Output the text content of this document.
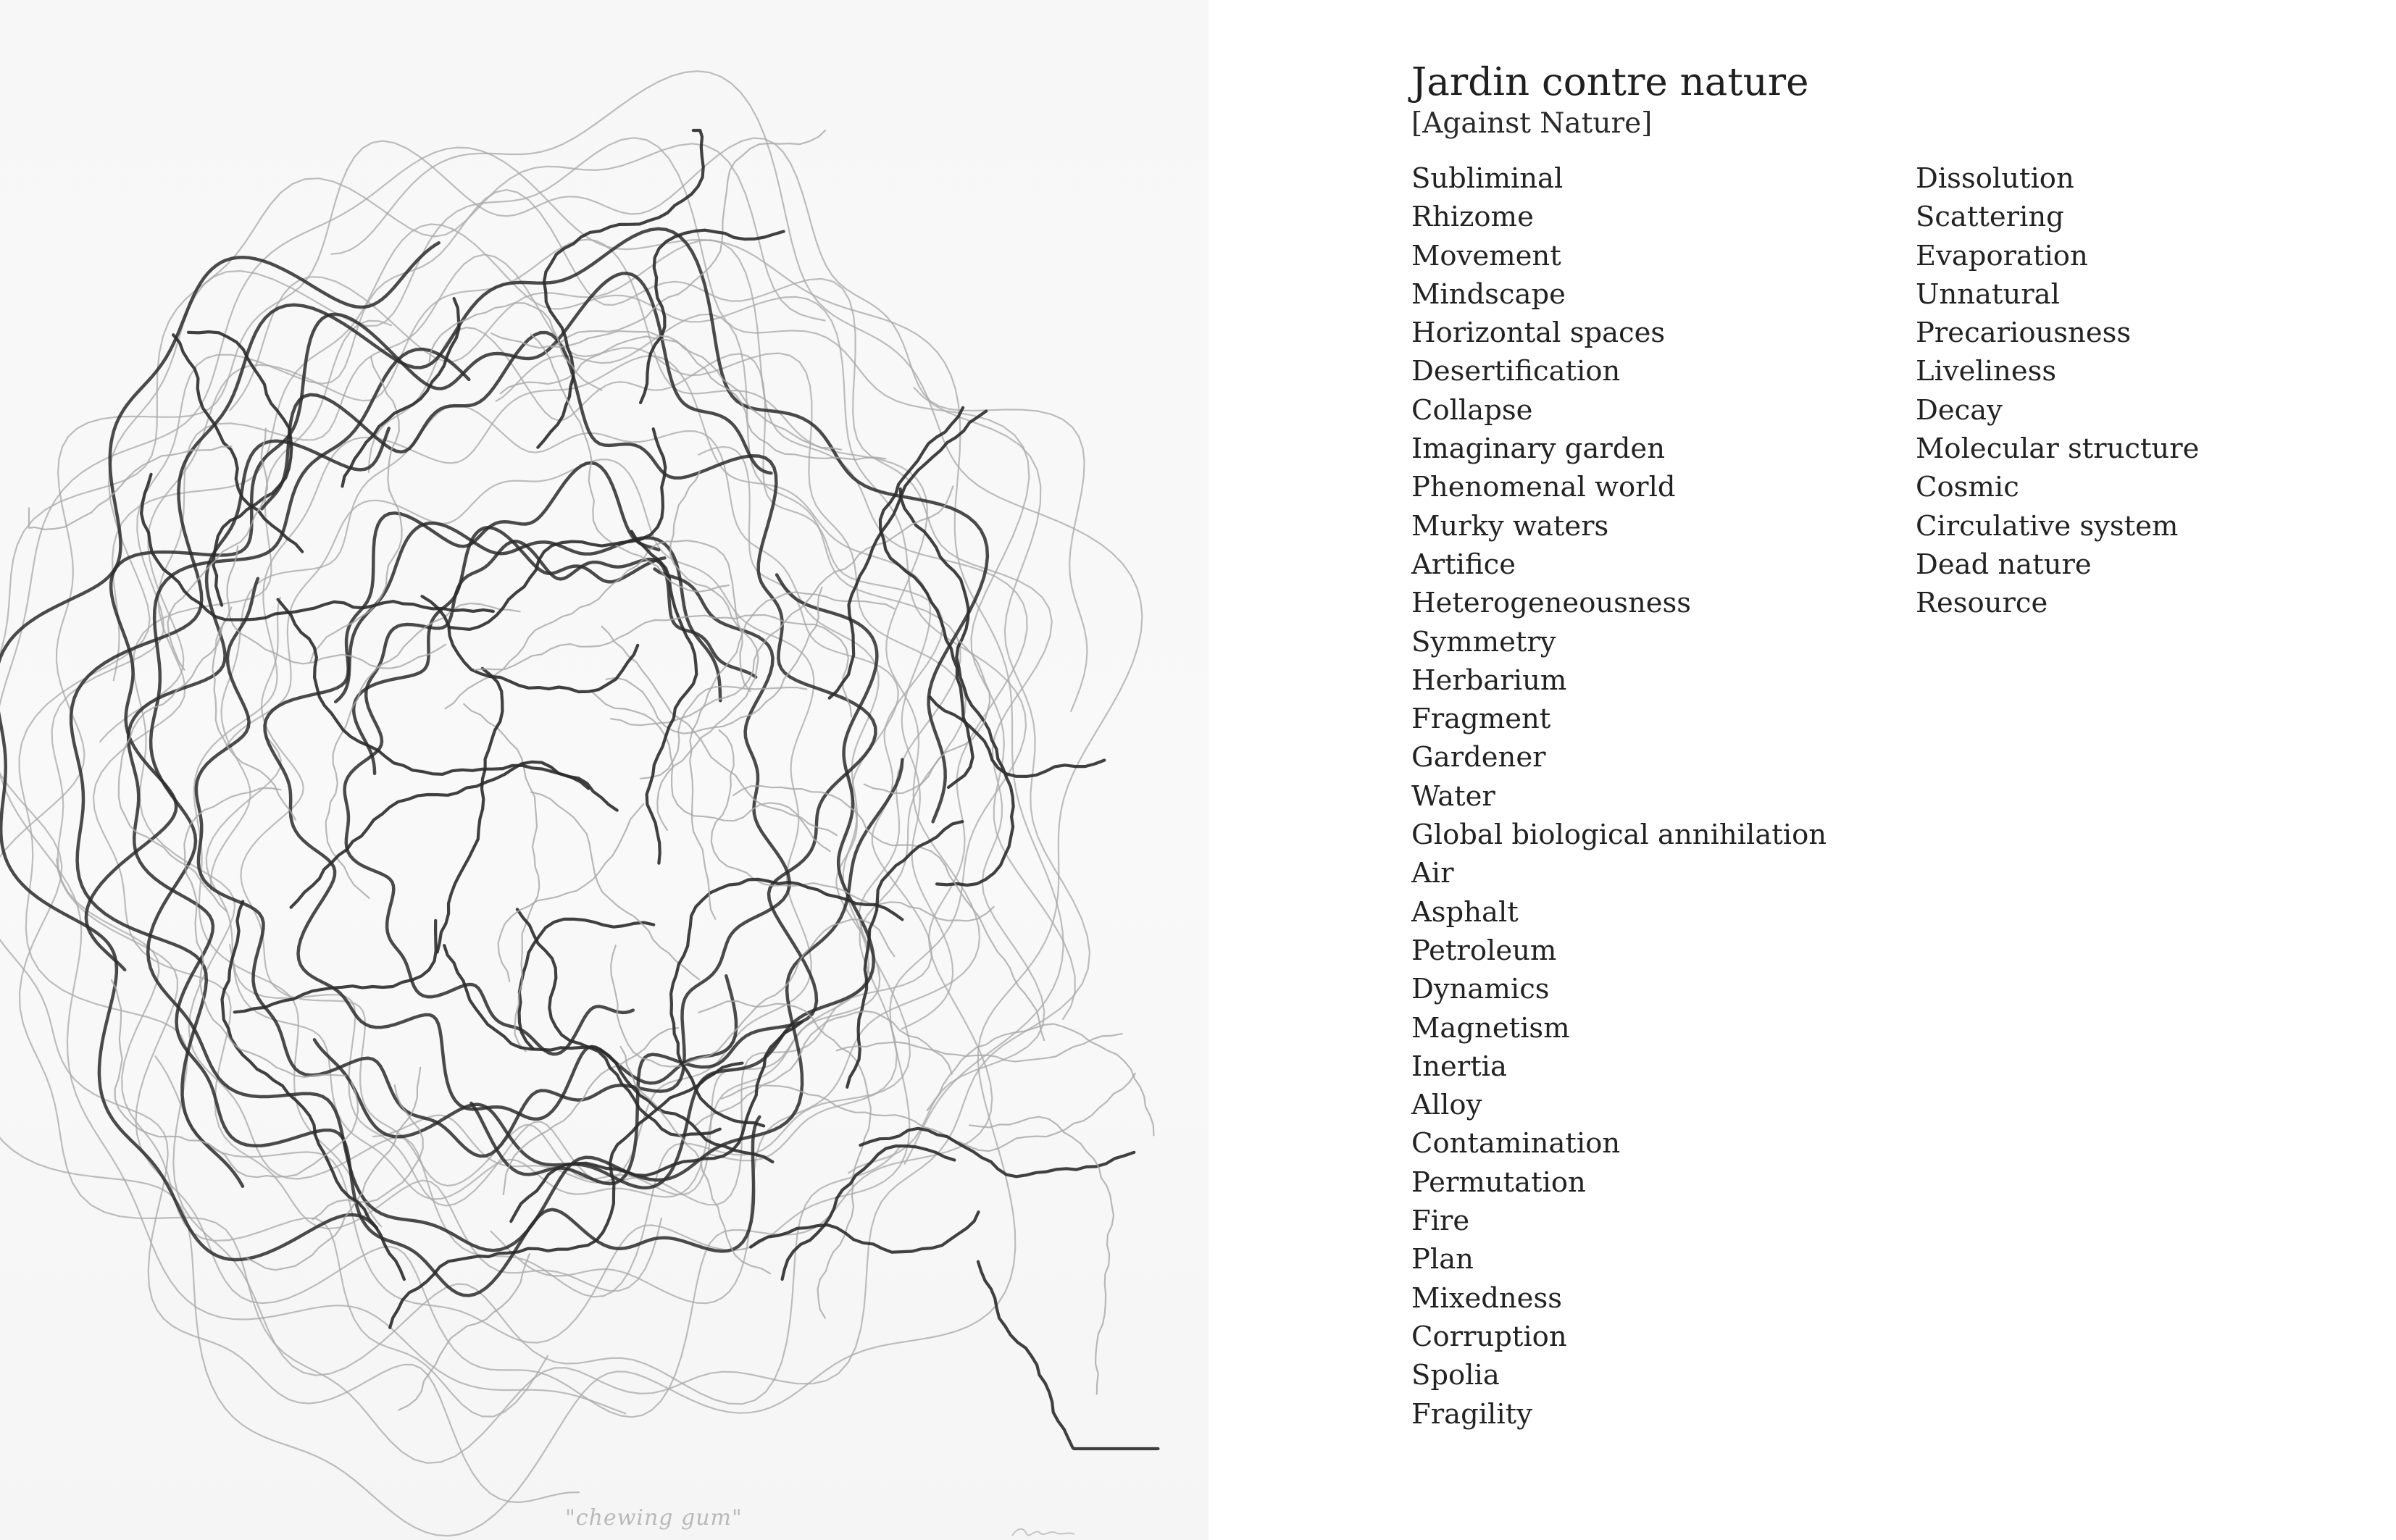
"chewing gum"
Jardin contre nature
[Against Nature]
Subliminal
Rhizome
Movement
Mindscape
Horizontal spaces
Desertification
Collapse
Imaginary garden
Phenomenal world
Murky waters
Artifice
Heterogeneousness
Symmetry
Herbarium
Fragment
Gardener
Water
Global biological annihilation
Air
Asphalt
Petroleum
Dynamics
Magnetism
Inertia
Alloy
Contamination
Permutation
Fire
Plan
Mixedness
Corruption
Spolia
Fragility
Dissolution
Scattering
Evaporation
Unnatural
Precariousness
Liveliness
Decay
Molecular structure
Cosmic
Circulative system
Dead nature
Resource
